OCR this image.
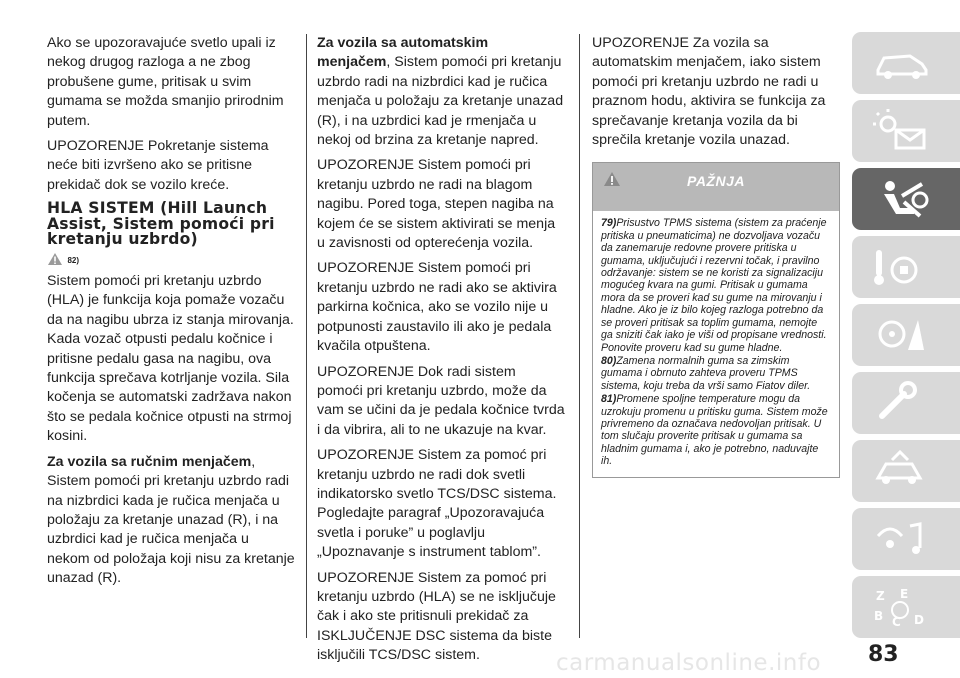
Ako se upozoravajuće svetlo upali iz nekog drugog razloga a ne zbog probušene gume, pritisak u svim gumama se možda smanjio prirodnim putem.

UPOZORENJE Pokretanje sistema neće biti izvršeno ako se pritisne prekidač dok se vozilo kreće.

HLA SISTEM (Hill Launch Assist, Sistem pomoći pri kretanju uzbrdo)
82)

Sistem pomoći pri kretanju uzbrdo (HLA) je funkcija koja pomaže vozaču da na nagibu ubrza iz stanja mirovanja. Kada vozač otpusti pedalu kočnice i pritisne pedalu gasa na nagibu, ova funkcija sprečava kotrljanje vozila. Sila kočenja se automatski zadržava nakon što se pedala kočnice otpusti na strmoj kosini.

Za vozila sa ručnim menjačem, Sistem pomoći pri kretanju uzbrdo radi na nizbrdici kada je ručica menjača u položaju za kretanje unazad (R), i na uzbrdici kad je ručica menjača u nekom od položaja koji nisu za kretanje unazad (R).

Za vozila sa automatskim menjačem, Sistem pomoći pri kretanju uzbrdo radi na nizbrdici kad je ručica menjača u položaju za kretanje unazad (R), i na uzbrdici kad je rmenjača u nekoj od brzina za kretanje napred.

UPOZORENJE Sistem pomoći pri kretanju uzbrdo ne radi na blagom nagibu. Pored toga, stepen nagiba na kojem će se sistem aktivirati se menja u zavisnosti od opterećenja vozila.

UPOZORENJE Sistem pomoći pri kretanju uzbrdo ne radi ako se aktivira parkirna kočnica, ako se vozilo nije u potpunosti zaustavilo ili ako je pedala kvačila otpuštena.

UPOZORENJE Dok radi sistem pomoći pri kretanju uzbrdo, može da vam se učini da je pedala kočnice tvrda i da vibrira, ali to ne ukazuje na kvar.

UPOZORENJE Sistem za pomoć pri kretanju uzbrdo ne radi dok svetli indikatorsko svetlo TCS/DSC sistema. Pogledajte paragraf „Upozoravajuća svetla i poruke” u poglavlju „Upoznavanje s instrument tablom”.

UPOZORENJE Sistem za pomoć pri kretanju uzbrdo (HLA) se ne isključuje čak i ako ste pritisnuli prekidač za ISKLJUČENJE DSC sistema da biste isključili TCS/DSC sistem.

UPOZORENJE Za vozila sa automatskim menjačem, iako sistem pomoći pri kretanju uzbrdo ne radi u praznom hodu, aktivira se funkcija za sprečavanje kretanja vozila da bi sprečila kretanje vozila unazad.

PAŽNJA
79)Prisustvo TPMS sistema (sistem za praćenje pritiska u pneumaticima) ne dozvoljava vozaču da zanemaruje redovne provere pritiska u gumama, uključujući i rezervni točak, i pravilno održavanje: sistem se ne koristi za signalizaciju mogućeg kvara na gumi. Pritisak u gumama mora da se proveri kad su gume na mirovanju i hladne. Ako je iz bilo kojeg razloga potrebno da se proveri pritisak sa toplim gumama, nemojte ga sniziti čak iako je viši od propisane vrednosti. Ponovite proveru kad su gume hladne.
80)Zamena normalnih guma sa zimskim gumama i obrnuto zahteva proveru TPMS sistema, koju treba da vrši samo Fiatov diler.
81)Promene spoljne temperature mogu da uzrokuju promenu u pritisku guma. Sistem može privremeno da označava nedovoljan pritisak. U tom slučaju proverite pritisak u gumama sa hladnim gumama i, ako je potrebno, naduvajte ih.
Z E
B C D
83
carmanualsonline.info
